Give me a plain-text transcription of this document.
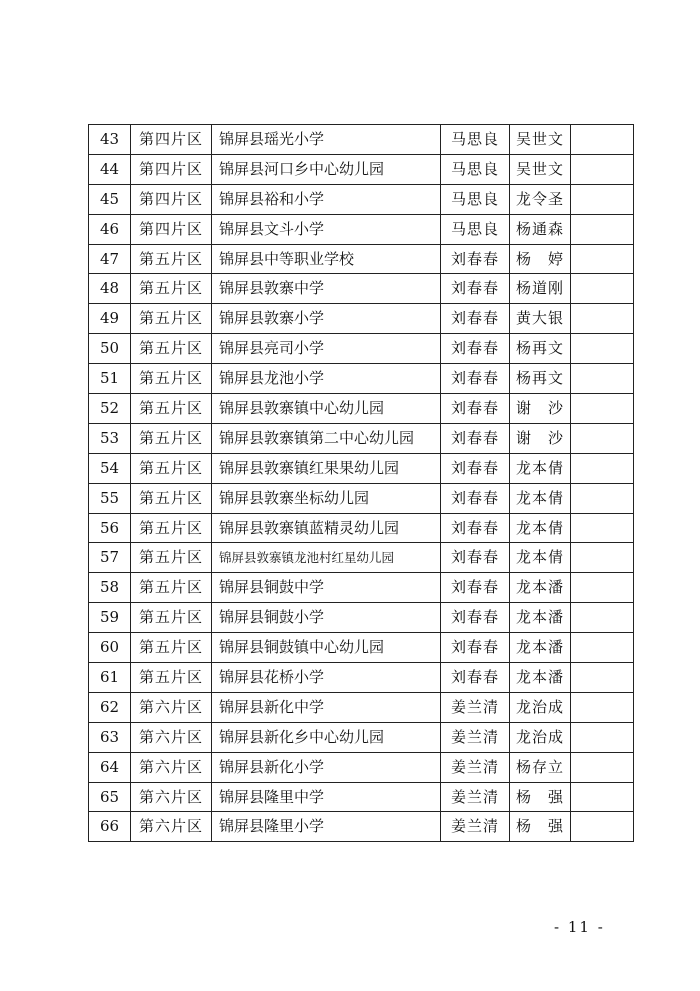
43	第四片区	锦屏县瑶光小学	马思良	吴世文	
44	第四片区	锦屏县河口乡中心幼儿园	马思良	吴世文	
45	第四片区	锦屏县裕和小学	马思良	龙令圣	
46	第四片区	锦屏县文斗小学	马思良	杨通森	
47	第五片区	锦屏县中等职业学校	刘春春	杨　婷	
48	第五片区	锦屏县敦寨中学	刘春春	杨道刚	
49	第五片区	锦屏县敦寨小学	刘春春	黄大银	
50	第五片区	锦屏县亮司小学	刘春春	杨再文	
51	第五片区	锦屏县龙池小学	刘春春	杨再文	
52	第五片区	锦屏县敦寨镇中心幼儿园	刘春春	谢　沙	
53	第五片区	锦屏县敦寨镇第二中心幼儿园	刘春春	谢　沙	
54	第五片区	锦屏县敦寨镇红果果幼儿园	刘春春	龙本倩	
55	第五片区	锦屏县敦寨坐标幼儿园	刘春春	龙本倩	
56	第五片区	锦屏县敦寨镇蓝精灵幼儿园	刘春春	龙本倩	
57	第五片区	锦屏县敦寨镇龙池村红星幼儿园	刘春春	龙本倩	
58	第五片区	锦屏县铜鼓中学	刘春春	龙本潘	
59	第五片区	锦屏县铜鼓小学	刘春春	龙本潘	
60	第五片区	锦屏县铜鼓镇中心幼儿园	刘春春	龙本潘	
61	第五片区	锦屏县花桥小学	刘春春	龙本潘	
62	第六片区	锦屏县新化中学	姜兰清	龙治成	
63	第六片区	锦屏县新化乡中心幼儿园	姜兰清	龙治成	
64	第六片区	锦屏县新化小学	姜兰清	杨存立	
65	第六片区	锦屏县隆里中学	姜兰清	杨　强	
66	第六片区	锦屏县隆里小学	姜兰清	杨　强	
- 11 -
